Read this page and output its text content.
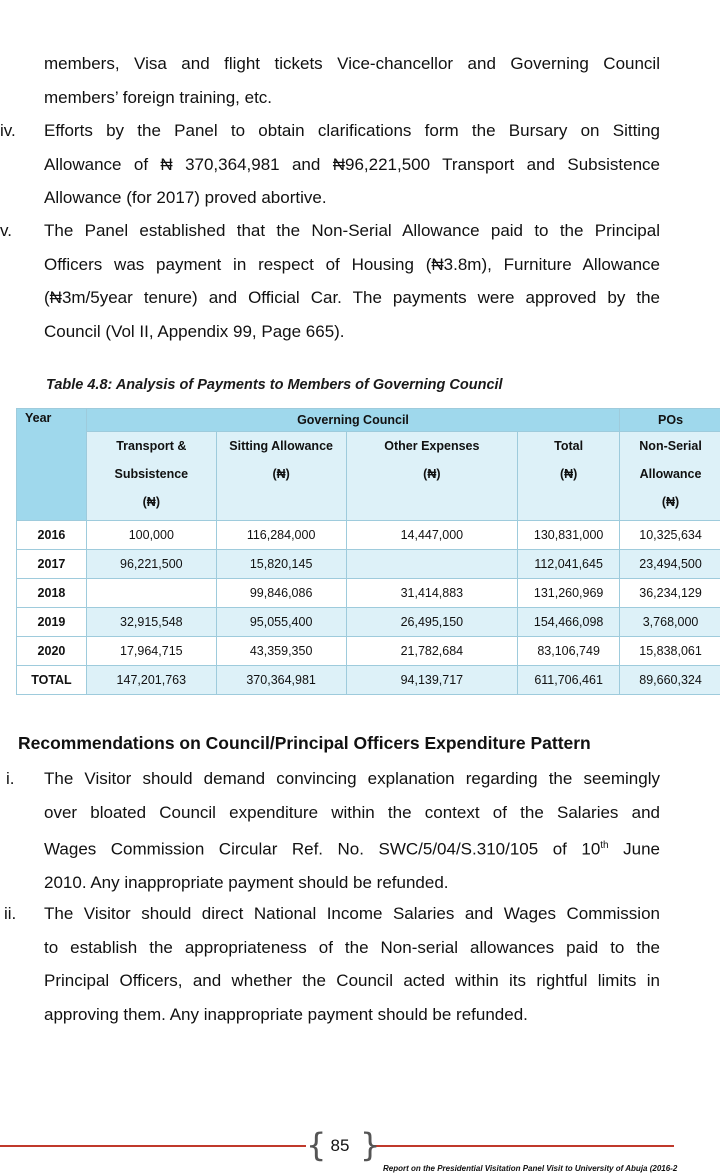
members, Visa and flight tickets Vice-chancellor and Governing Council
members’ foreign training, etc.
iv. Efforts by the Panel to obtain clarifications form the Bursary on Sitting
Allowance of ₦ 370,364,981 and ₦96,221,500 Transport and Subsistence
Allowance (for 2017) proved abortive.
v. The Panel established that the Non-Serial Allowance paid to the Principal
Officers was payment in respect of Housing (₦3.8m), Furniture Allowance
(₦3m/5year tenure) and Official Car. The payments were approved by the
Council (Vol II, Appendix 99, Page 665).
Table 4.8: Analysis of Payments to Members of Governing Council
Year	Governing Council				POs
	Transport &
Subsistence
(₦)	Sitting Allowance
(₦)	Other Expenses
(₦)	Total
(₦)	Non-Serial
Allowance
(₦)
2016	100,000	116,284,000	14,447,000	130,831,000	10,325,634
2017	96,221,500	15,820,145		112,041,645	23,494,500
2018		99,846,086	31,414,883	131,260,969	36,234,129
2019	32,915,548	95,055,400	26,495,150	154,466,098	3,768,000
2020	17,964,715	43,359,350	21,782,684	83,106,749	15,838,061
TOTAL	147,201,763	370,364,981	94,139,717	611,706,461	89,660,324
Recommendations on Council/Principal Officers Expenditure Pattern
i. The Visitor should demand convincing explanation regarding the seemingly
over bloated Council expenditure within the context of the Salaries and
Wages Commission Circular Ref. No. SWC/5/04/S.310/105 of 10th June
2010. Any inappropriate payment should be refunded.
ii. The Visitor should direct National Income Salaries and Wages Commission
to establish the appropriateness of the Non-serial allowances paid to the
Principal Officers, and whether the Council acted within its rightful limits in
approving them. Any inappropriate payment should be refunded.
{ }
85
Report on the Presidential Visitation Panel Visit to University of Abuja (2016-2
